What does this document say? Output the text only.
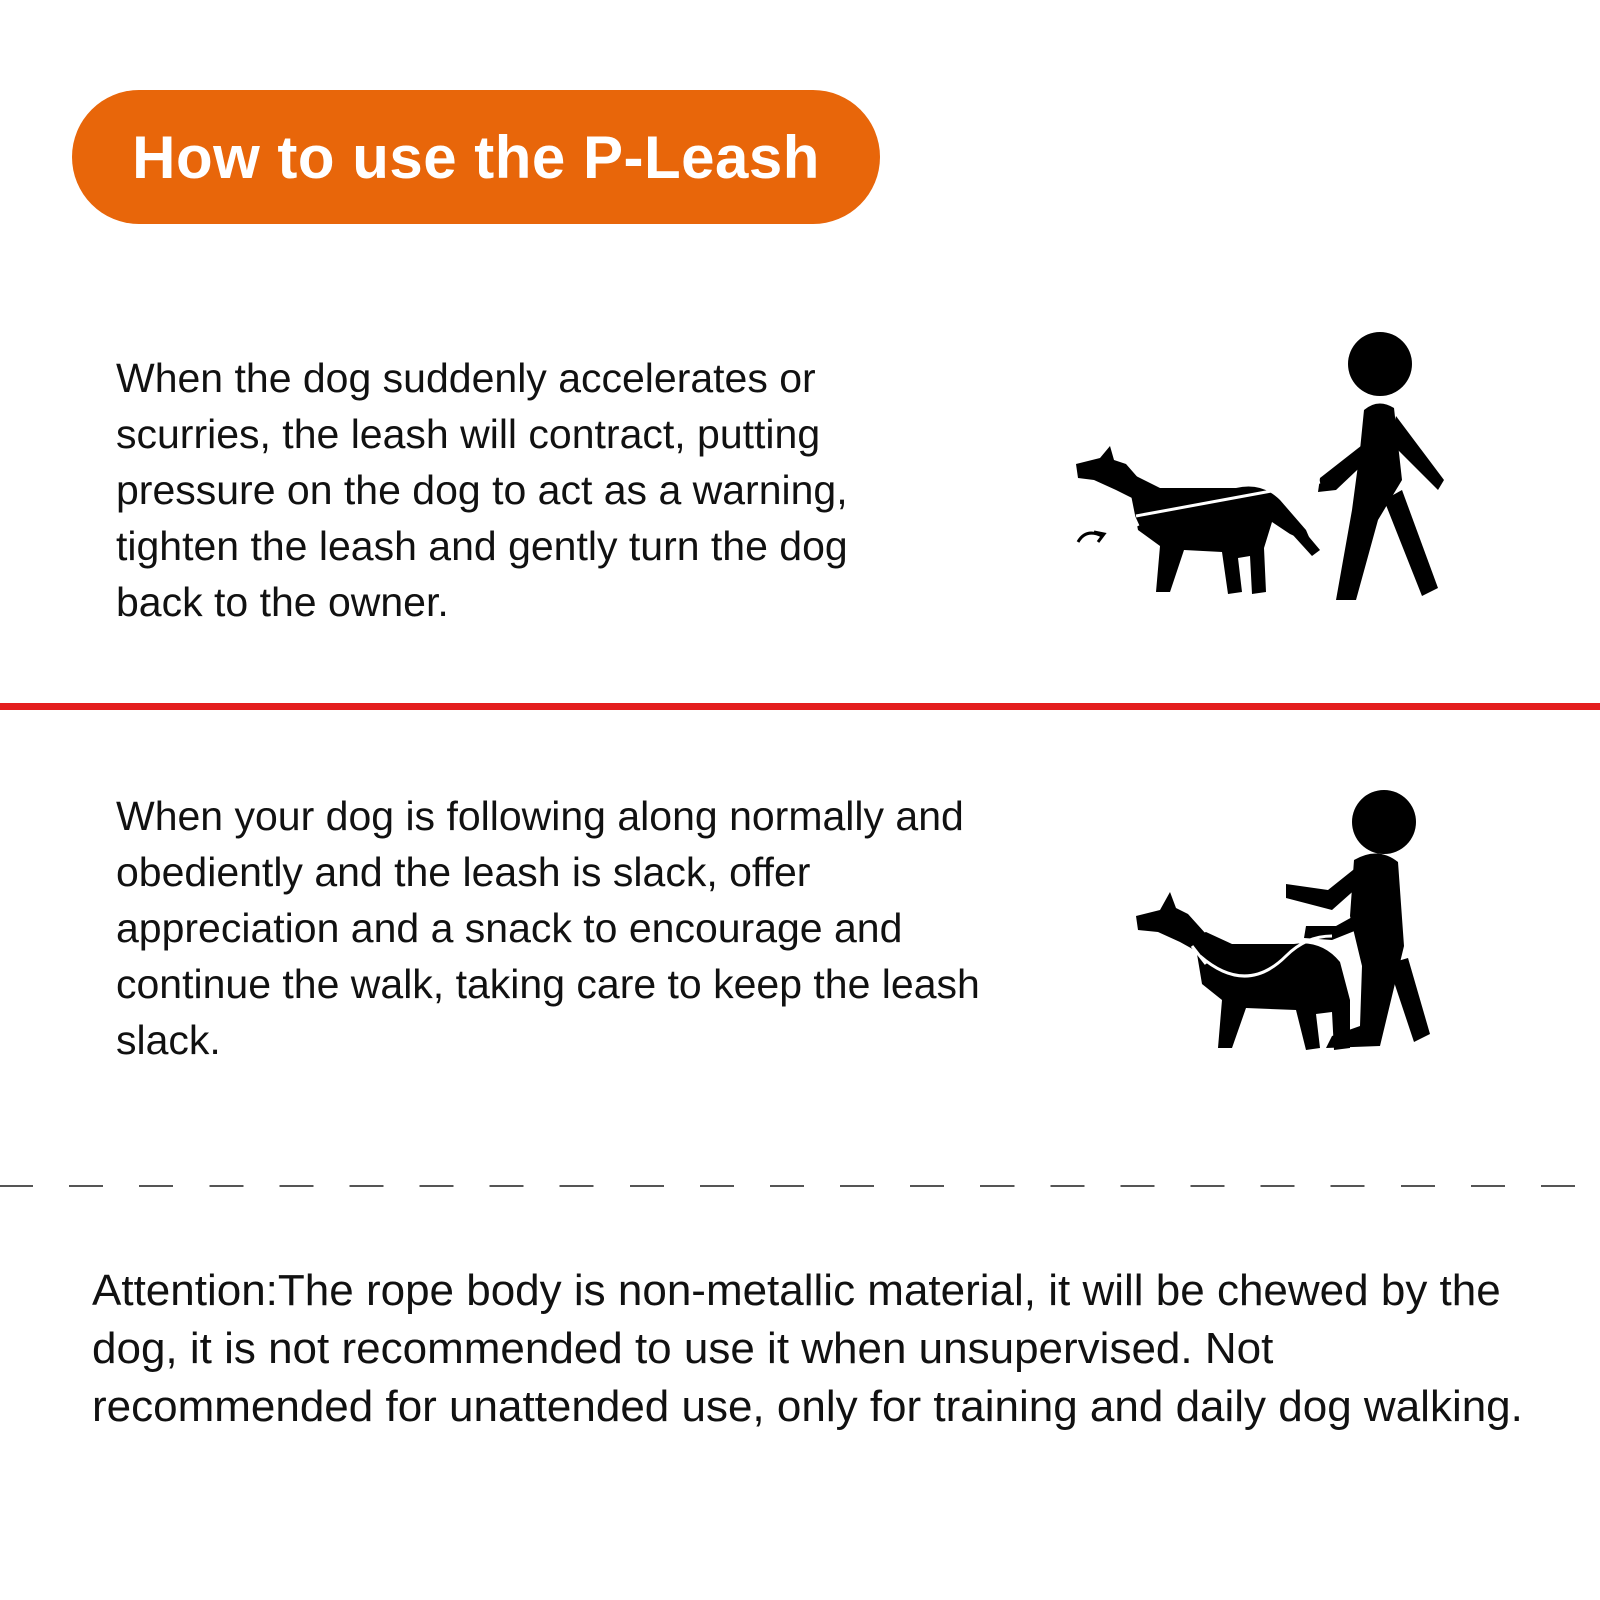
How to use the P-Leash

When the dog suddenly accelerates or scurries, the leash will contract, putting pressure on the dog to act as a warning, tighten the leash and gently turn the dog back to the owner.

When your dog is following along normally and obediently and the leash is slack, offer appreciation and a snack to encourage and continue the walk, taking care to keep the leash slack.

Attention:The rope body is non-metallic material, it will be chewed by the dog, it is not recommended to use it when unsupervised. Not recommended for unattended use, only for training and daily dog walking.
